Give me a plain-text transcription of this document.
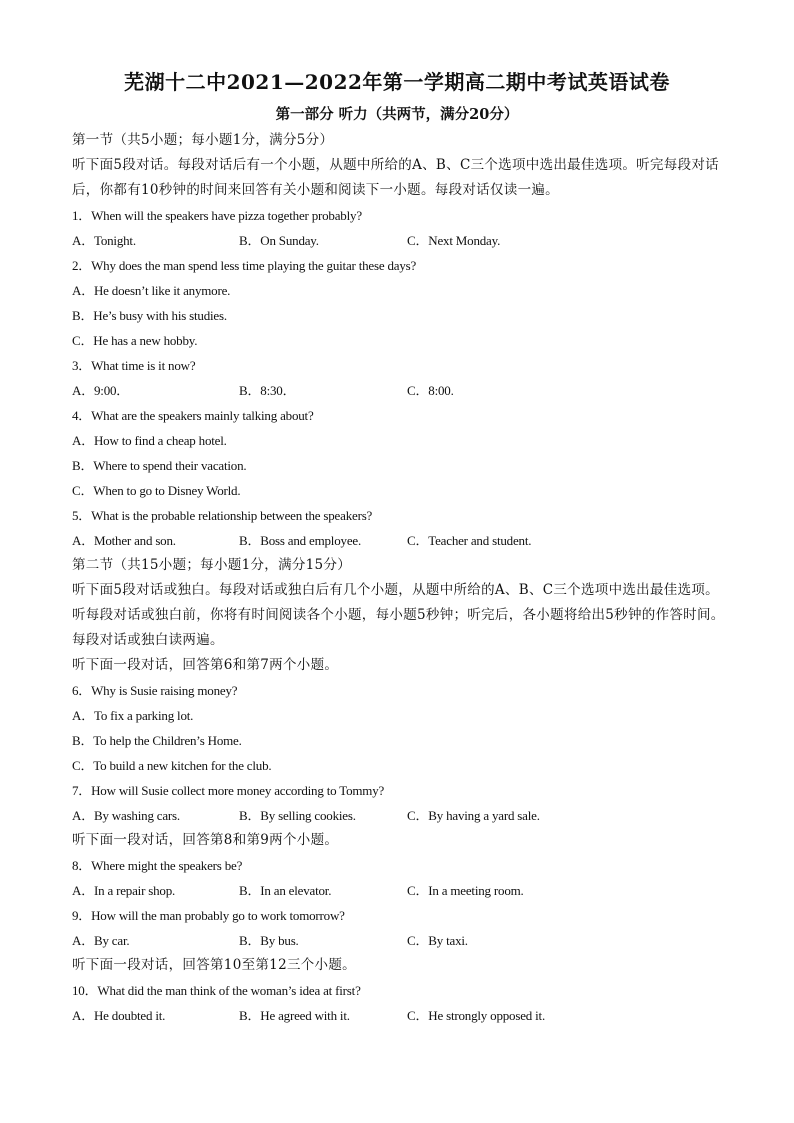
芜湖十二中2021—2022年第一学期高二期中考试英语试卷
第一部分 听力（共两节，满分20分）
第一节（共5小题；每小题1分，满分5分）
听下面5段对话。每段对话后有一个小题，从题中所给的A、B、C三个选项中选出最佳选项。听完每段对话后，你都有10秒钟的时间来回答有关小题和阅读下一小题。每段对话仅读一遍。
1．When will the speakers have pizza together probably?
A．Tonight.	B．On Sunday.	C．Next Monday.
2．Why does the man spend less time playing the guitar these days?
A．He doesn’t like it anymore.
B．He’s busy with his studies.
C．He has a new hobby.
3．What time is it now?
A．9:00．	B．8:30．	C．8:00.
4．What are the speakers mainly talking about?
A．How to find a cheap hotel.
B．Where to spend their vacation.
C．When to go to Disney World.
5．What is the probable relationship between the speakers?
A．Mother and son.	B．Boss and employee.	C．Teacher and student.
第二节（共15小题；每小题1分，满分15分）
听下面5段对话或独白。每段对话或独白后有几个小题，从题中所给的A、B、C三个选项中选出最佳选项。听每段对话或独白前，你将有时间阅读各个小题，每小题5秒钟；听完后，各小题将给出5秒钟的作答时间。每段对话或独白读两遍。
听下面一段对话，回答第6和第7两个小题。
6．Why is Susie raising money?
A．To fix a parking lot.
B．To help the Children’s Home.
C．To build a new kitchen for the club.
7．How will Susie collect more money according to Tommy?
A．By washing cars.	B．By selling cookies.	C．By having a yard sale.
听下面一段对话，回答第8和第9两个小题。
8．Where might the speakers be?
A．In a repair shop.	B．In an elevator.	C．In a meeting room.
9．How will the man probably go to work tomorrow?
A．By car.	B．By bus.	C．By taxi.
听下面一段对话，回答第10至第12三个小题。
10．What did the man think of the woman’s idea at first?
A．He doubted it.	B．He agreed with it.	C．He strongly opposed it.
